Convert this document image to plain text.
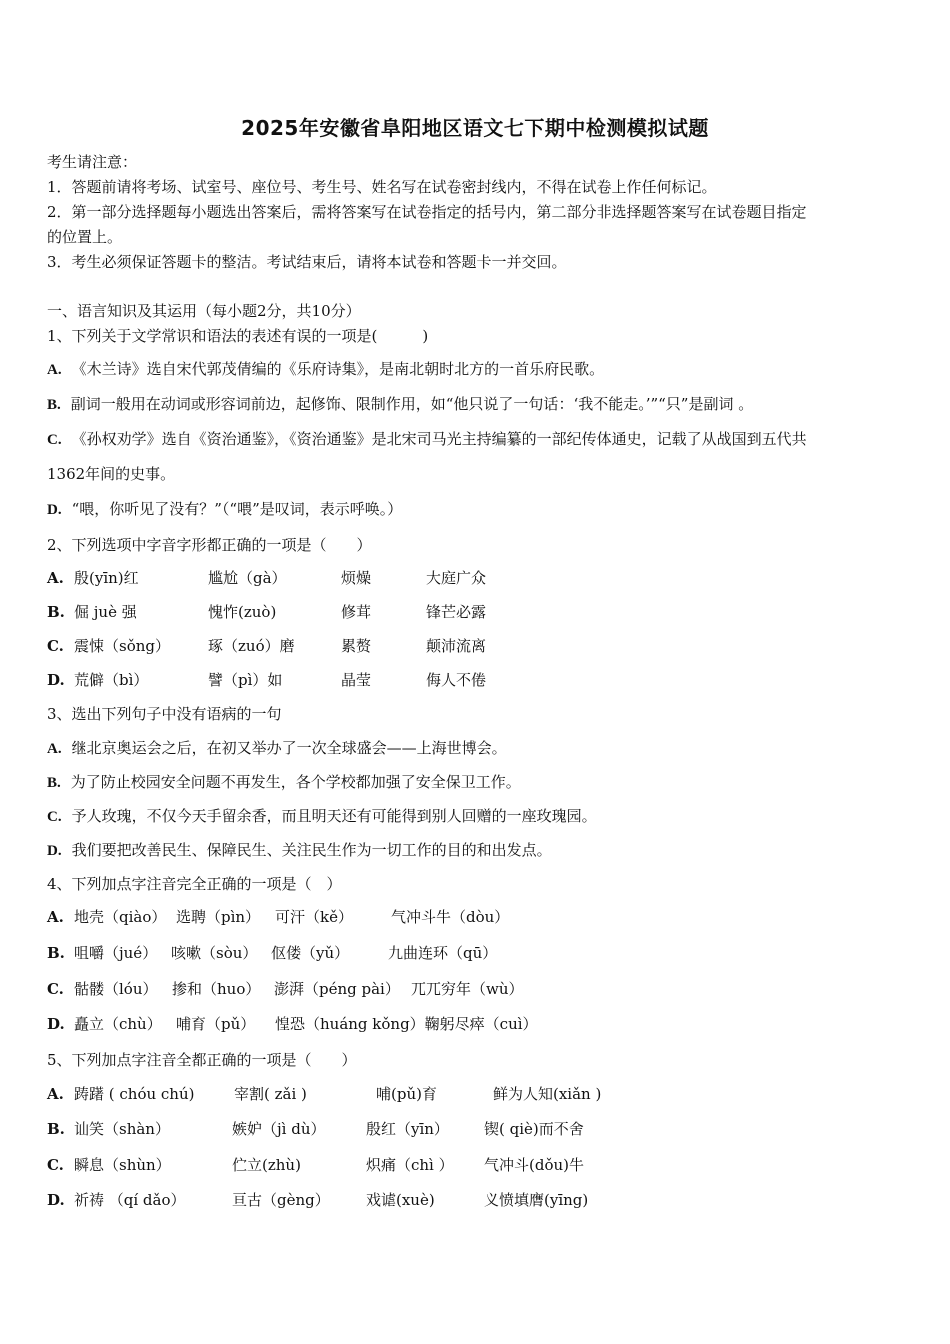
2025年安徽省阜阳地区语文七下期中检测模拟试题
考生请注意：
1．答题前请将考场、试室号、座位号、考生号、姓名写在试卷密封线内，不得在试卷上作任何标记。
2．第一部分选择题每小题选出答案后，需将答案写在试卷指定的括号内，第二部分非选择题答案写在试卷题目指定
的位置上。
3．考生必须保证答题卡的整洁。考试结束后，请将本试卷和答题卡一并交回。
一、语言知识及其运用（每小题2分，共10分）
1、下列关于文学常识和语法的表述有误的一项是(　　　)
A. 《木兰诗》选自宋代郭茂倩编的《乐府诗集》，是南北朝时北方的一首乐府民歌。
B. 副词一般用在动词或形容词前边，起修饰、限制作用，如“他只说了一句话：‘我不能走。’”“只”是副词 。
C. 《孙权劝学》选自《资治通鉴》，《资治通鉴》是北宋司马光主持编纂的一部纪传体通史，记载了从战国到五代共
1362年间的史事。
D. “喂，你听见了没有？”（“喂”是叹词，表示呼唤。）
2、下列选项中字音字形都正确的一项是（　　）
A. 殷(yīn)红	尴尬（gà）	烦燥	大庭广众
B. 倔 juè 强	愧怍(zuò)	修茸	锋芒必露
C. 震悚（sǒng）	琢（zuó）磨	累赘	颠沛流离
D. 荒僻（bì）	譬（pì）如	晶莹	侮人不倦
3、选出下列句子中没有语病的一句
A. 继北京奥运会之后，在初又举办了一次全球盛会——上海世博会。
B. 为了防止校园安全问题不再发生，各个学校都加强了安全保卫工作。
C. 予人玫瑰，不仅今天手留余香，而且明天还有可能得到别人回赠的一座玫瑰园。
D. 我们要把改善民生、保障民生、关注民生作为一切工作的目的和出发点。
4、下列加点字注音完全正确的一项是（　）
A. 地壳（qiào） 选聘（pìn） 可汗（kě）	气冲斗牛（dòu）
B. 咀嚼（jué） 咳嗽（sòu） 伛偻（yǔ）	九曲连环（qū）
C. 骷髅（lóu） 掺和（huo） 澎湃（péng pài） 兀兀穷年（wù）
D. 矗立（chù） 哺育（pǔ） 惶恐（huáng kǒng）鞠躬尽瘁（cuì）
5、下列加点字注音全都正确的一项是（　　）
A. 踌躇 ( chóu chú)	宰割( zǎi )	哺(pǔ)育	鲜为人知(xiǎn )
B. 讪笑（shàn）	嫉妒（jì dù）	殷红（yīn） 锲( qiè)而不舍
C. 瞬息（shùn）	伫立(zhù)	炽痛（chì ） 气冲斗(dǒu)牛
D. 祈祷 （qí dǎo）	亘古（gèng） 戏谑(xuè)	义愤填膺(yīng)
